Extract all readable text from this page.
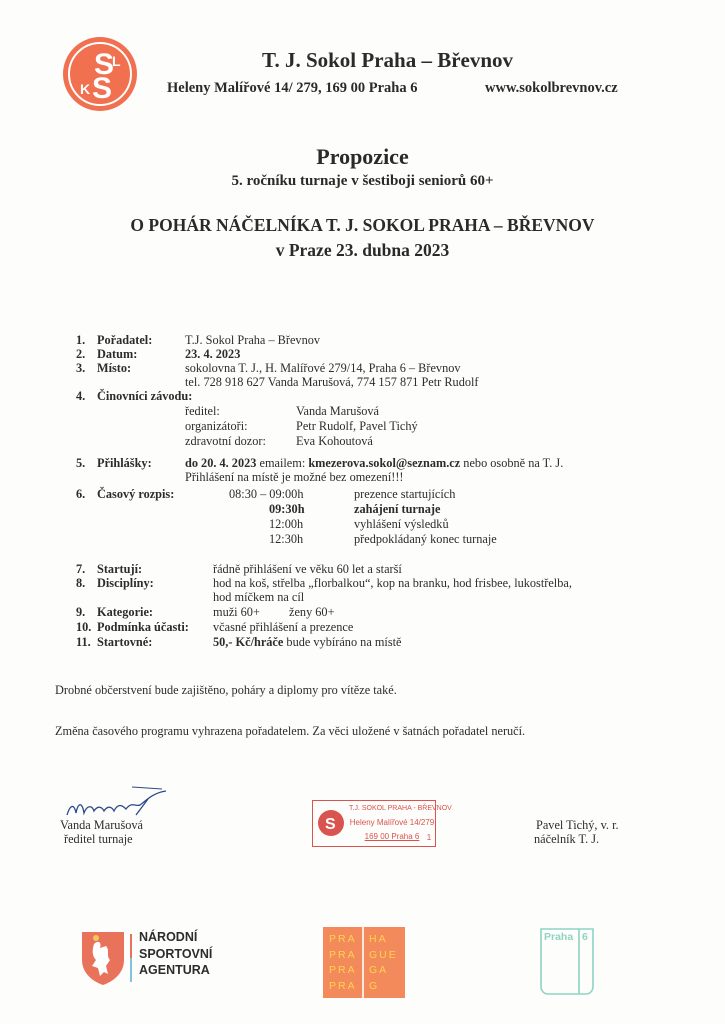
S
S
L
K
T. J. Sokol Praha – Břevnov
Heleny Malířové 14/ 279, 169 00 Praha 6	www.sokolbrevnov.cz
Propozice
5. ročníku turnaje v šestiboji seniorů 60+
O POHÁR NÁČELNÍKA T. J. SOKOL PRAHA – BŘEVNOV
v Praze 23. dubna 2023
1. Pořadatel:	T.J. Sokol Praha – Břevnov
2. Datum:	23. 4. 2023
3. Místo:	sokolovna T. J., H. Malířové 279/14, Praha 6 – Břevnov
tel. 728 918 627 Vanda Marušová, 774 157 871 Petr Rudolf
4. Činovníci závodu:
ředitel:	Vanda Marušová
organizátoři:	Petr Rudolf, Pavel Tichý
zdravotní dozor: Eva Kohoutová
5. Přihlášky:	do 20. 4. 2023 emailem: kmezerova.sokol@seznam.cz nebo osobně na T. J.
Přihlášení na místě je možné bez omezení!!!
6. Časový rozpis:	08:30 – 09:00h	prezence startujících
09:30h	zahájení turnaje
12:00h	vyhlášení výsledků
12:30h	předpokládaný konec turnaje
7. Startují:	řádně přihlášení ve věku 60 let a starší
8. Disciplíny:	hod na koš, střelba „florbalkou“, kop na branku, hod frisbee, lukostřelba,
hod míčkem na cíl
9. Kategorie:	muži 60+ ženy 60+
10. Podmínka účasti: včasné přihlášení a prezence
11. Startovné:	50,- Kč/hráče bude vybíráno na místě
Drobné občerstvení bude zajištěno, poháry a diplomy pro vítěze také.
Změna časového programu vyhrazena pořadatelem. Za věci uložené v šatnách pořadatel neručí.
Vanda Marušová
ředitel turnaje
Pavel Tichý, v. r.
náčelník T. J.
S
T.J. SOKOL PRAHA - BŘEVNOV
Heleny Malířové 14/279
169 00 Praha 6 1
NÁRODNÍ
SPORTOVNÍ
AGENTURA
PRA
PRA
PRA
PRA
HA
GUE
GA
G
Praha 6
